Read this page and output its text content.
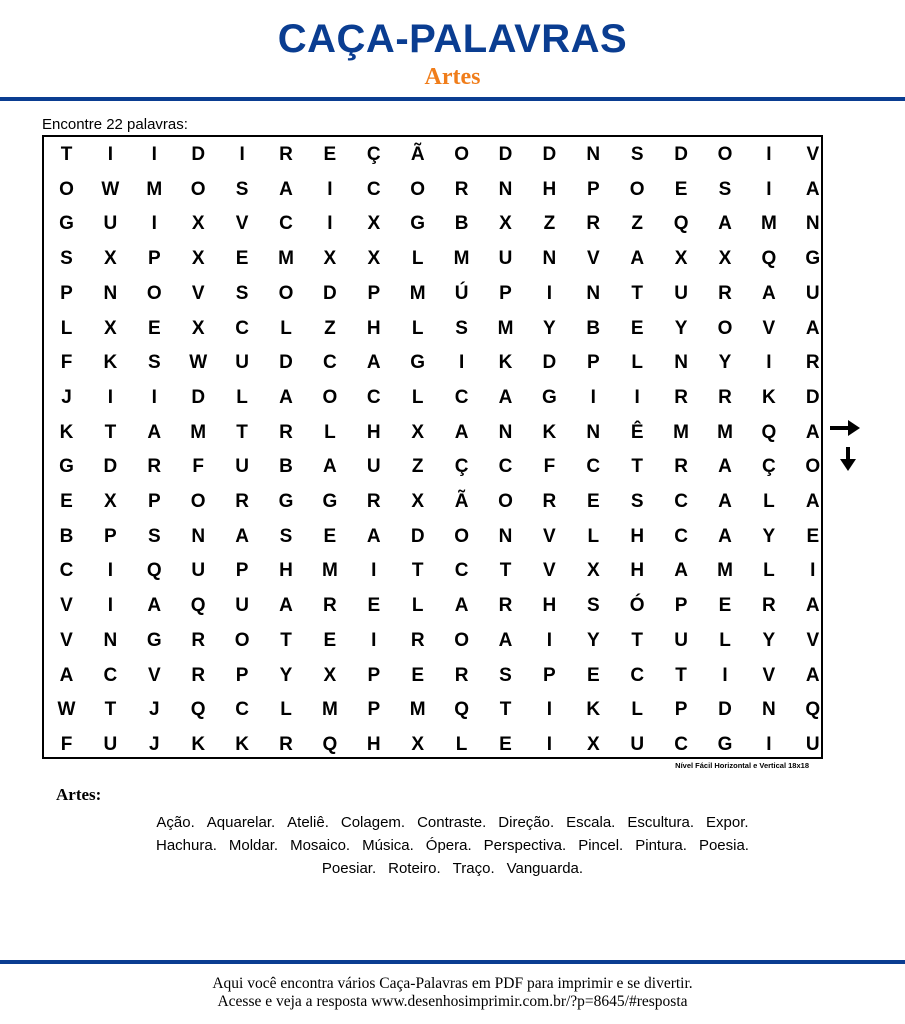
CAÇA-PALAVRAS
Artes
Encontre 22 palavras:
T	I	I	D	I	R	E	Ç	Ã	O	D	D	N	S	D	O	I	V
O	W	M	O	S	A	I	C	O	R	N	H	P	O	E	S	I	A
G	U	I	X	V	C	I	X	G	B	X	Z	R	Z	Q	A	M	N
S	X	P	X	E	M	X	X	L	M	U	N	V	A	X	X	Q	G
P	N	O	V	S	O	D	P	M	Ú	P	I	N	T	U	R	A	U
L	X	E	X	C	L	Z	H	L	S	M	Y	B	E	Y	O	V	A
F	K	S	W	U	D	C	A	G	I	K	D	P	L	N	Y	I	R
J	I	I	D	L	A	O	C	L	C	A	G	I	I	R	R	K	D
K	T	A	M	T	R	L	H	X	A	N	K	N	Ê	M	M	Q	A
G	D	R	F	U	B	A	U	Z	Ç	C	F	C	T	R	A	Ç	O
E	X	P	O	R	G	G	R	X	Ã	O	R	E	S	C	A	L	A
B	P	S	N	A	S	E	A	D	O	N	V	L	H	C	A	Y	E
C	I	Q	U	P	H	M	I	T	C	T	V	X	H	A	M	L	I
V	I	A	Q	U	A	R	E	L	A	R	H	S	Ó	P	E	R	A
V	N	G	R	O	T	E	I	R	O	A	I	Y	T	U	L	Y	V
A	C	V	R	P	Y	X	P	E	R	S	P	E	C	T	I	V	A
W	T	J	Q	C	L	M	P	M	Q	T	I	K	L	P	D	N	Q
F	U	J	K	K	R	Q	H	X	L	E	I	X	U	C	G	I	U
Nível Fácil Horizontal e Vertical 18x18
Artes:
Ação. Aquarelar. Ateliê. Colagem. Contraste. Direção. Escala. Escultura. Expor.
Hachura. Moldar. Mosaico. Música. Ópera. Perspectiva. Pincel. Pintura. Poesia.
Poesiar. Roteiro. Traço. Vanguarda.
Aqui você encontra vários Caça-Palavras em PDF para imprimir e se divertir.
Acesse e veja a resposta www.desenhosimprimir.com.br/?p=8645/#resposta
